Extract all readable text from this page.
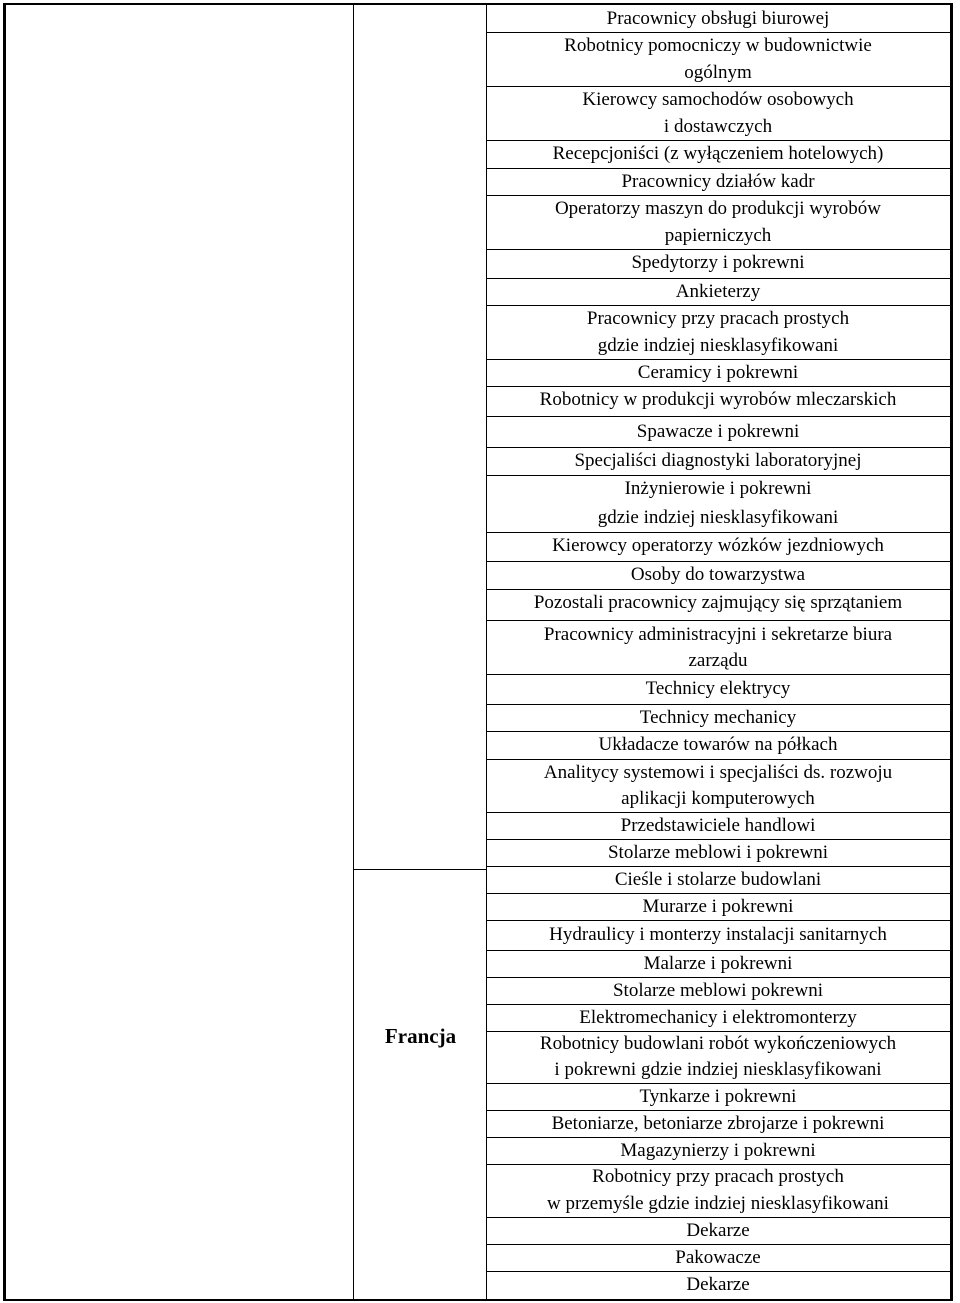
Francja
Pracownicy obsługi biurowej
Robotnicy pomocniczy w budownictwie
ogólnym
Kierowcy samochodów osobowych
i dostawczych
Recepcjoniści (z wyłączeniem hotelowych)
Pracownicy działów kadr
Operatorzy maszyn do produkcji wyrobów
papierniczych
Spedytorzy i pokrewni
Ankieterzy
Pracownicy przy pracach prostych
gdzie indziej niesklasyfikowani
Ceramicy i pokrewni
Robotnicy w produkcji wyrobów mleczarskich
Spawacze i pokrewni
Specjaliści diagnostyki laboratoryjnej
Inżynierowie i pokrewni
gdzie indziej niesklasyfikowani
Kierowcy operatorzy wózków jezdniowych
Osoby do towarzystwa
Pozostali pracownicy zajmujący się sprzątaniem
Pracownicy administracyjni i sekretarze biura
zarządu
Technicy elektrycy
Technicy mechanicy
Układacze towarów na półkach
Analitycy systemowi i specjaliści ds. rozwoju
aplikacji komputerowych
Przedstawiciele handlowi
Stolarze meblowi i pokrewni
Cieśle i stolarze budowlani
Murarze i pokrewni
Hydraulicy i monterzy instalacji sanitarnych
Malarze i pokrewni
Stolarze meblowi pokrewni
Elektromechanicy i elektromonterzy
Robotnicy budowlani robót wykończeniowych
i pokrewni gdzie indziej niesklasyfikowani
Tynkarze i pokrewni
Betoniarze, betoniarze zbrojarze i pokrewni
Magazynierzy i pokrewni
Robotnicy przy pracach prostych
w przemyśle gdzie indziej niesklasyfikowani
Dekarze
Pakowacze
Dekarze
